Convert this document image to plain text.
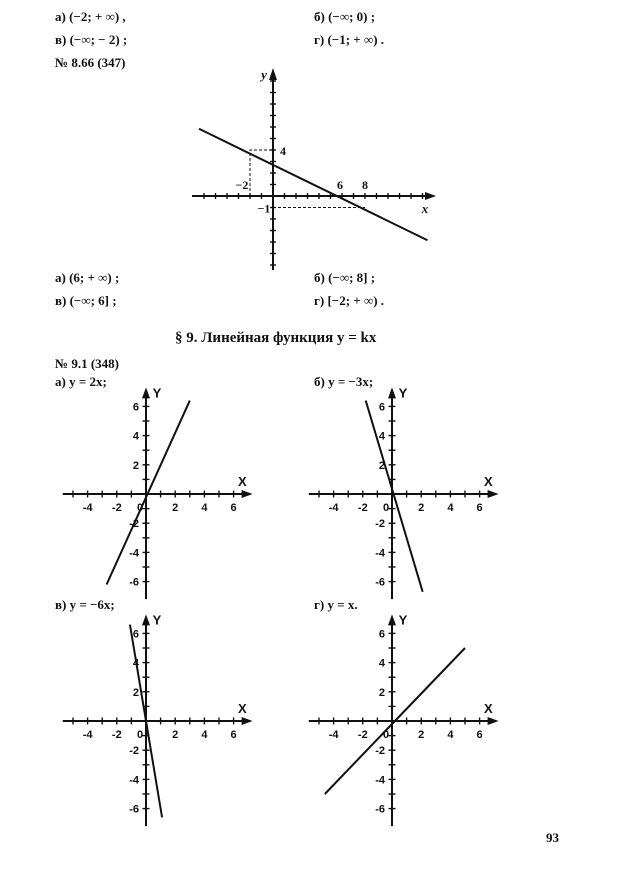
а) (−2; + ∞) ,	б) (−∞; 0) ;
в) (−∞; − 2) ;	г) (−1; + ∞) .
№ 8.66 (347)
а) (6; + ∞) ;	б) (−∞; 8] ;
в) (−∞; 6] ;	г) [−2; + ∞) .
§ 9. Линейная функция y = kx
№ 9.1 (348)
а) y = 2x;	б) y = −3x;
в) y = −6x;	г) y = x.
93
−2
−1
4
6 8
x
y
-4 -2 0	2 4 6
6
4
2
-2
-4
-6
X
Y
-4 -2 0	2 4 6
6
4
2
-2
-4
-6
X
Y
-4 -2 0	2 4 6
6
4
2
-2
-4
-6
X
Y
-4 -2 0	2 4 6
6
4
2
-2
-4
-6
X
Y
